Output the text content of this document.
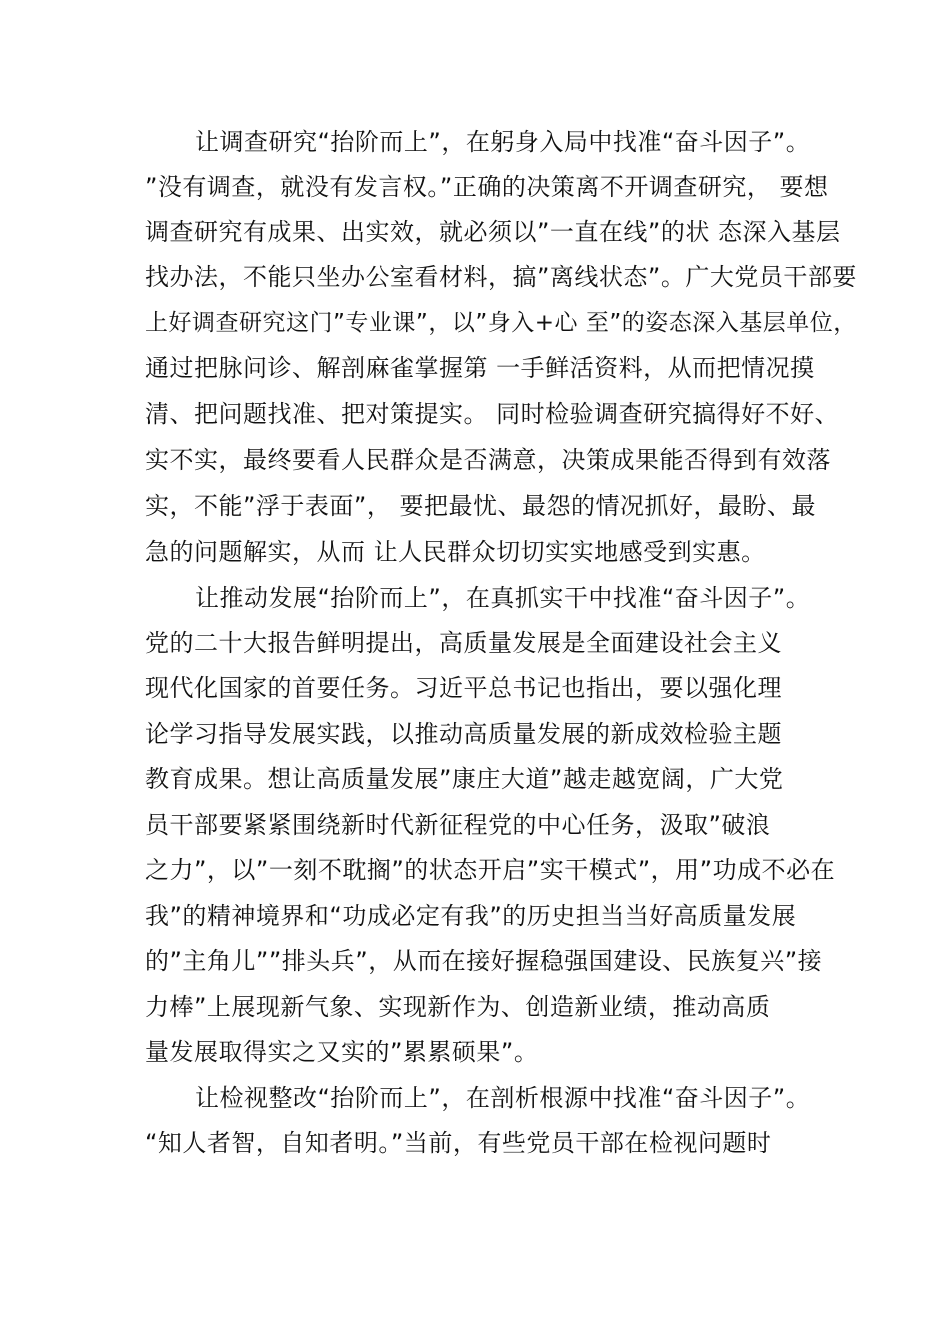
让调查研究“抬阶而上”，在躬身入局中找准“奋斗因子”。
”没有调查，就没有发言权。”正确的决策离不开调查研究， 要想
调查研究有成果、出实效，就必须以”一直在线”的状 态深入基层
找办法，不能只坐办公室看材料，搞”离线状态”。广大党员干部要
上好调查研究这门”专业课”，以”身入+心 至”的姿态深入基层单位，
通过把脉问诊、解剖麻雀掌握第 一手鲜活资料，从而把情况摸
清、把问题找准、把对策提实。 同时检验调查研究搞得好不好、
实不实，最终要看人民群众是否满意，决策成果能否得到有效落
实，不能”浮于表面”， 要把最忧、最怨的情况抓好，最盼、最
急的问题解实，从而 让人民群众切切实实地感受到实惠。
让推动发展“抬阶而上”，在真抓实干中找准“奋斗因子”。
党的二十大报告鲜明提出，高质量发展是全面建设社会主义
现代化国家的首要任务。习近平总书记也指出，要以强化理
论学习指导发展实践，以推动高质量发展的新成效检验主题
教育成果。想让高质量发展”康庄大道”越走越宽阔，广大党
员干部要紧紧围绕新时代新征程党的中心任务，汲取”破浪
之力”，以”一刻不耽搁”的状态开启”实干模式”，用”功成不必在
我”的精神境界和“功成必定有我”的历史担当当好高质量发展
的”主角儿””排头兵”，从而在接好握稳强国建设、民族复兴”接
力棒”上展现新气象、实现新作为、创造新业绩，推动高质
量发展取得实之又实的”累累硕果”。
让检视整改“抬阶而上”，在剖析根源中找准“奋斗因子”。
“知人者智，自知者明。”当前，有些党员干部在检视问题时
